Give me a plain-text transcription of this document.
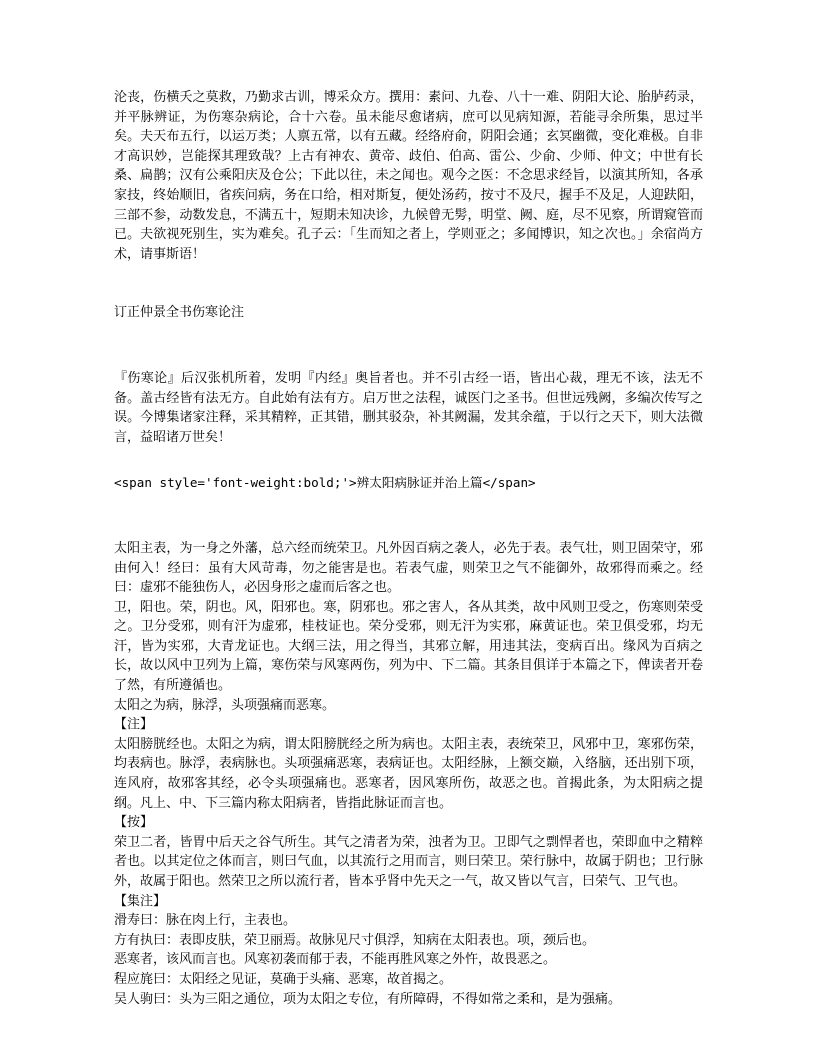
沦丧，伤横夭之莫救，乃勤求古训，博采众方。撰用：素问、九卷、八十一难、阴阳大论、胎胪药录，并平脉辨证，为伤寒杂病论，合十六卷。虽未能尽愈诸病，庶可以见病知源，若能寻余所集，思过半矣。夫天布五行，以运万类；人禀五常，以有五藏。经络府俞，阴阳会通；玄冥幽微，变化难极。自非才高识妙，岂能探其理致哉？上古有神农、黄帝、歧伯、伯高、雷公、少俞、少师、仲文；中世有长桑、扁鹊；汉有公乘阳庆及仓公；下此以往，未之闻也。观今之医：不念思求经旨，以演其所知，各承家技，终始顺旧，省疾问病，务在口给，相对斯复，便处汤药，按寸不及尺，握手不及足，人迎趺阳，三部不参，动数发息，不满五十，短期未知决诊，九候曾无髣，明堂、阙、庭，尽不见察，所谓窥管而已。夫欲视死别生，实为难矣。孔子云：「生而知之者上，学则亚之；多闻博识，知之次也。」余宿尚方术，请事斯语！

订正仲景全书伤寒论注

『伤寒论』后汉张机所着，发明『内经』奥旨者也。并不引古经一语，皆出心裁，理无不该，法无不备。盖古经皆有法无方。自此始有法有方。启万世之法程，诚医门之圣书。但世远残阙，多编次传写之误。今博集诸家注释，采其精粹，正其错，删其驳杂，补其阙漏，发其余蕴，于以行之天下，则大法微言，益昭诸万世矣！

<span style='font-weight:bold;'>辨太阳病脉证并治上篇</span>

太阳主表，为一身之外藩，总六经而统荣卫。凡外因百病之袭人，必先于表。表气壮，则卫固荣守，邪由何入！经曰：虽有大风苛毒，勿之能害是也。若表气虚，则荣卫之气不能御外，故邪得而乘之。经曰：虚邪不能独伤人，必因身形之虚而后客之也。

卫，阳也。荣，阴也。风，阳邪也。寒，阴邪也。邪之害人，各从其类，故中风则卫受之，伤寒则荣受之。卫分受邪，则有汗为虚邪，桂枝证也。荣分受邪，则无汗为实邪，麻黄证也。荣卫俱受邪，均无汗，皆为实邪，大青龙证也。大纲三法，用之得当，其邪立解，用违其法，变病百出。缘风为百病之长，故以风中卫列为上篇，寒伤荣与风寒两伤，列为中、下二篇。其条目俱详于本篇之下，俾读者开卷了然，有所遵循也。

太阳之为病，脉浮，头项强痛而恶寒。

【注】

太阳膀胱经也。太阳之为病，谓太阳膀胱经之所为病也。太阳主表，表统荣卫，风邪中卫，寒邪伤荣，均表病也。脉浮，表病脉也。头项强痛恶寒，表病证也。太阳经脉，上额交巅，入络脑，还出别下项，连风府，故邪客其经，必令头项强痛也。恶寒者，因风寒所伤，故恶之也。首揭此条，为太阳病之提纲。凡上、中、下三篇内称太阳病者，皆指此脉证而言也。

【按】

荣卫二者，皆胃中后天之谷气所生。其气之清者为荣，浊者为卫。卫即气之剽悍者也，荣即血中之精粹者也。以其定位之体而言，则曰气血，以其流行之用而言，则曰荣卫。荣行脉中，故属于阴也；卫行脉外，故属于阳也。然荣卫之所以流行者，皆本乎肾中先天之一气，故又皆以气言，曰荣气、卫气也。

【集注】

滑寿曰：脉在肉上行，主表也。

方有执曰：表即皮肤，荣卫丽焉。故脉见尺寸俱浮，知病在太阳表也。项，颈后也。

恶寒者，该风而言也。风寒初袭而郁于表，不能再胜风寒之外忤，故畏恶之。

程应旄曰：太阳经之见证，莫确于头痛、恶寒，故首揭之。

吴人驹曰：头为三阳之通位，项为太阳之专位，有所障碍，不得如常之柔和，是为强痛。
